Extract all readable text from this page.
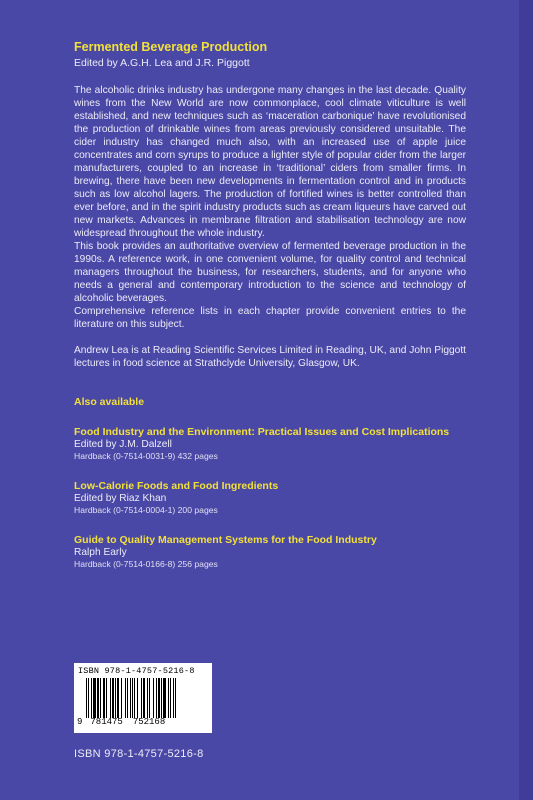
Fermented Beverage Production
Edited by A.G.H. Lea and J.R. Piggott

The alcoholic drinks industry has undergone many changes in the last decade. Quality wines from the New World are now commonplace, cool climate viticulture is well established, and new techniques such as ‘maceration carbonique’ have revolutionised the production of drinkable wines from areas previously considered unsuitable. The cider industry has changed much also, with an increased use of apple juice concentrates and corn syrups to produce a lighter style of popular cider from the larger manufacturers, coupled to an increase in ‘traditional’ ciders from smaller firms. In brewing, there have been new developments in fermentation control and in products such as low alcohol lagers. The production of fortified wines is better controlled than ever before, and in the spirit industry products such as cream liqueurs have carved out new markets. Advances in membrane filtration and stabilisation technology are now widespread throughout the whole industry.

This book provides an authoritative overview of fermented beverage production in the 1990s. A reference work, in one convenient volume, for quality control and technical managers throughout the business, for researchers, students, and for anyone who needs a general and contemporary introduction to the science and technology of alcoholic beverages.

Comprehensive reference lists in each chapter provide convenient entries to the literature on this subject.

Andrew Lea is at Reading Scientific Services Limited in Reading, UK, and John Piggott lectures in food science at Strathclyde University, Glasgow, UK.

Also available
Food Industry and the Environment: Practical Issues and Cost Implications
Edited by J.M. Dalzell
Hardback (0-7514-0031-9) 432 pages
Low-Calorie Foods and Food Ingredients
Edited by Riaz Khan
Hardback (0-7514-0004-1) 200 pages
Guide to Quality Management Systems for the Food Industry
Ralph Early
Hardback (0-7514-0166-8) 256 pages
ISBN 978-1-4757-5216-8
9 781475 752168
ISBN 978-1-4757-5216-8
